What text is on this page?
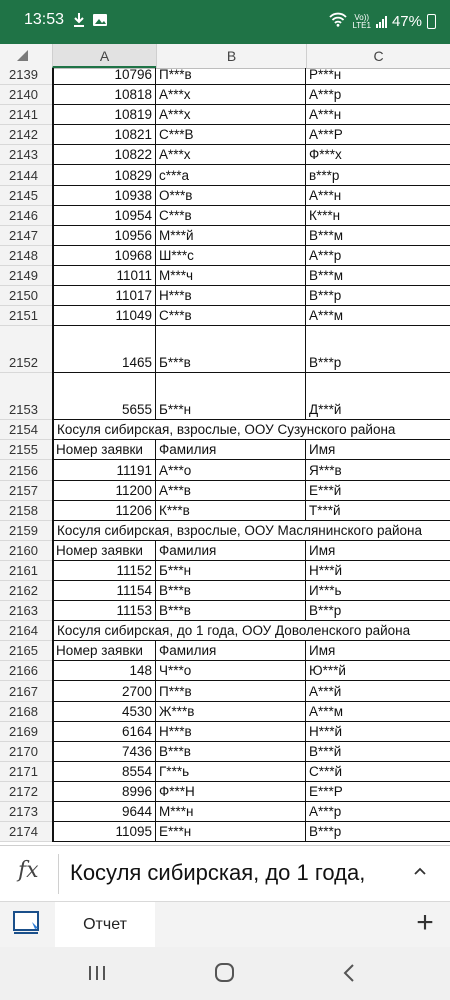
13:53	Vo))
LTE1 47%
A	B	C
2139	10796 П***в	Р***н
2140	10818 А***х	А***р
2141	10819 А***х	А***н
2142	10821 С***В	А***Р
2143	10822 А***х	Ф***х
2144	10829 с***а	в***р
2145	10938 О***в	А***н
2146	10954 С***в	К***н
2147	10956 М***й	В***м
2148	10968 Ш***с	А***р
2149	11011 М***ч	В***м
2150	11017 Н***в	В***р
2151	11049 С***в	А***м
2152	1465 Б***в	В***р
2153	5655 Б***н	Д***й
2154	Косуля сибирская, взрослые, ООУ Сузунского района
2155	Номер заявки	Фамилия	Имя
2156	11191 А***о	Я***в
2157	11200 А***в	Е***й
2158	11206 К***в	Т***й
2159	Косуля сибирская, взрослые, ООУ Маслянинского района
2160	Номер заявки	Фамилия	Имя
2161	11152 Б***н	Н***й
2162	11154 В***в	И***ь
2163	11153 В***в	В***р
2164	Косуля сибирская, до 1 года, ООУ Доволенского района
2165	Номер заявки	Фамилия	Имя
2166	148 Ч***о	Ю***й
2167	2700 П***в	А***й
2168	4530 Ж***в	А***м
2169	6164 Н***в	Н***й
2170	7436 В***в	В***й
2171	8554 Г***ь	С***й
2172	8996 Ф***Н	Е***Р
2173	9644 М***н	А***р
2174	11095 Е***н	В***р
fx Косуля сибирская, до 1 года,
Отчет	+
